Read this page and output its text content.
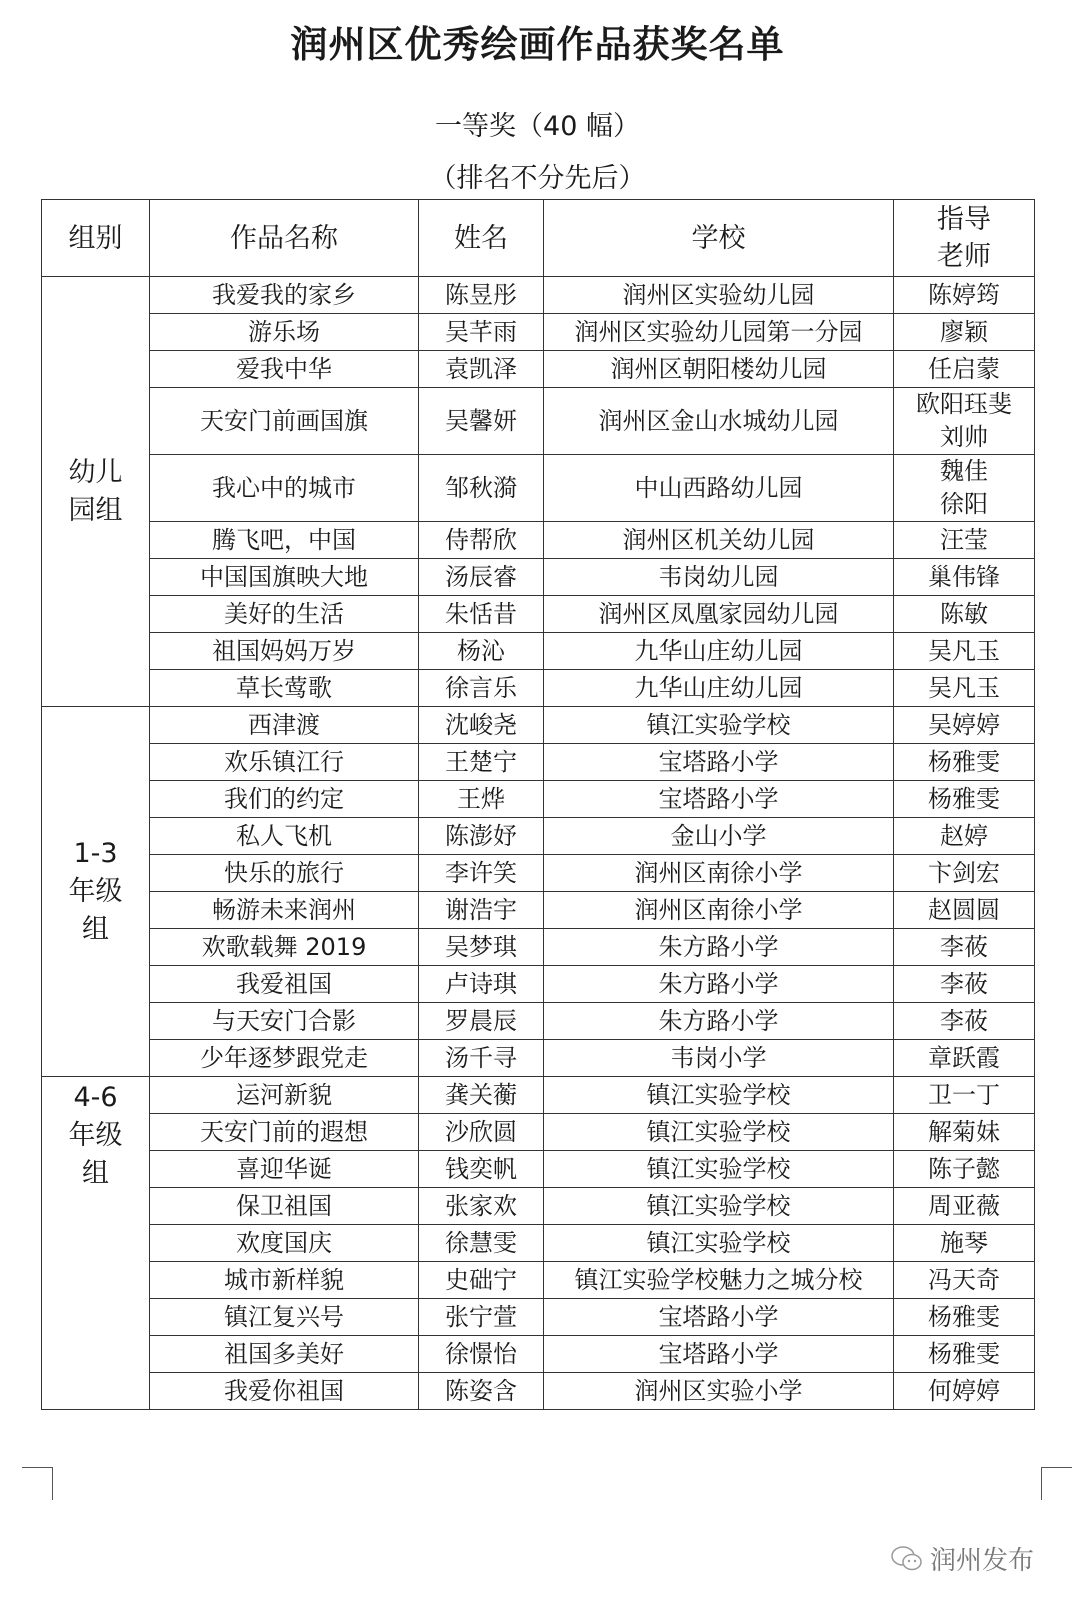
润州区优秀绘画作品获奖名单
一等奖（40 幅）
（排名不分先后）
组别	作品名称	姓名	学校	指导
老师
幼儿
园组	我爱我的家乡	陈昱彤	润州区实验幼儿园	陈婷筠
	游乐场	吴芊雨	润州区实验幼儿园第一分园	廖颖
	爱我中华	袁凯泽	润州区朝阳楼幼儿园	任启蒙
	天安门前画国旗	吴馨妍	润州区金山水城幼儿园	欧阳珏斐
刘帅
	我心中的城市	邹秋漪	中山西路幼儿园	魏佳
徐阳
	腾飞吧，中国	侍帮欣	润州区机关幼儿园	汪莹
	中国国旗映大地	汤辰睿	韦岗幼儿园	巢伟锋
	美好的生活	朱恬昔	润州区凤凰家园幼儿园	陈敏
	祖国妈妈万岁	杨沁	九华山庄幼儿园	吴凡玉
	草长莺歌	徐言乐	九华山庄幼儿园	吴凡玉
1-3
年级
组	西津渡	沈峻尧	镇江实验学校	吴婷婷
	欢乐镇江行	王楚宁	宝塔路小学	杨雅雯
	我们的约定	王烨	宝塔路小学	杨雅雯
	私人飞机	陈澎妤	金山小学	赵婷
	快乐的旅行	李许笑	润州区南徐小学	卞剑宏
	畅游未来润州	谢浩宇	润州区南徐小学	赵圆圆
	欢歌载舞 2019	吴梦琪	朱方路小学	李莜
	我爱祖国	卢诗琪	朱方路小学	李莜
	与天安门合影	罗晨辰	朱方路小学	李莜
	少年逐梦跟党走	汤千寻	韦岗小学	章跃霞
4-6
年级
组	运河新貌	龚关蘅	镇江实验学校	卫一丁
	天安门前的遐想	沙欣圆	镇江实验学校	解菊妹
	喜迎华诞	钱奕帆	镇江实验学校	陈子懿
	保卫祖国	张家欢	镇江实验学校	周亚薇
	欢度国庆	徐慧雯	镇江实验学校	施琴
	城市新样貌	史础宁	镇江实验学校魅力之城分校	冯天奇
	镇江复兴号	张宁萱	宝塔路小学	杨雅雯
	祖国多美好	徐憬怡	宝塔路小学	杨雅雯
	我爱你祖国	陈姿含	润州区实验小学	何婷婷
润州发布
